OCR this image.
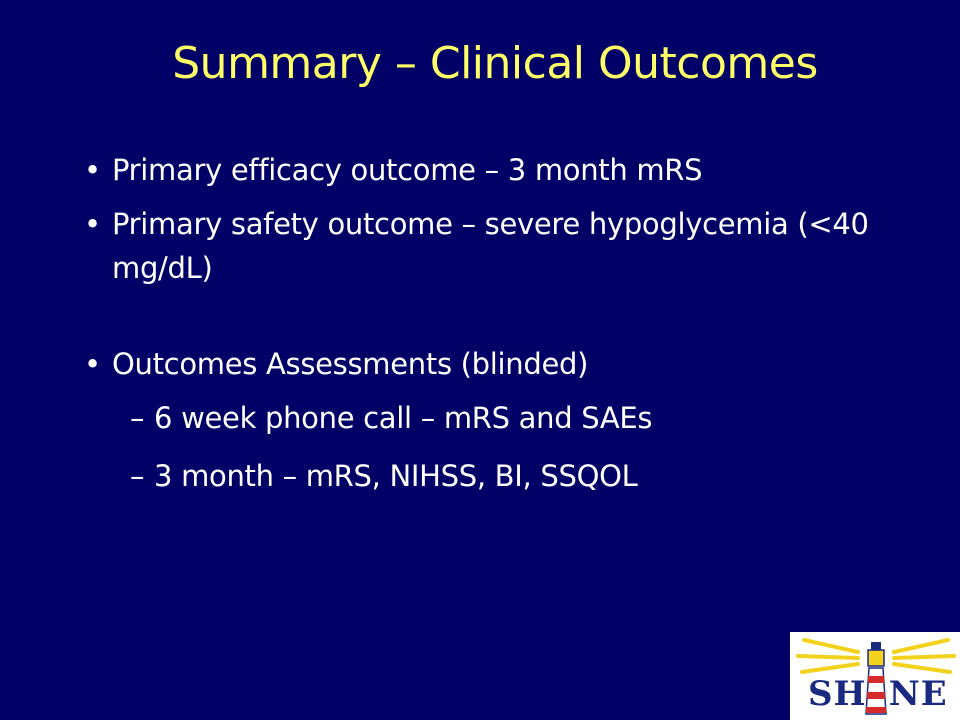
Summary – Clinical Outcomes
• Primary efficacy outcome – 3 month mRS
• Primary safety outcome – severe hypoglycemia (<40 mg/dL)
• Outcomes Assessments (blinded)
– 6 week phone call – mRS and SAEs
– 3 month – mRS, NIHSS, BI, SSQOL
SH NE
